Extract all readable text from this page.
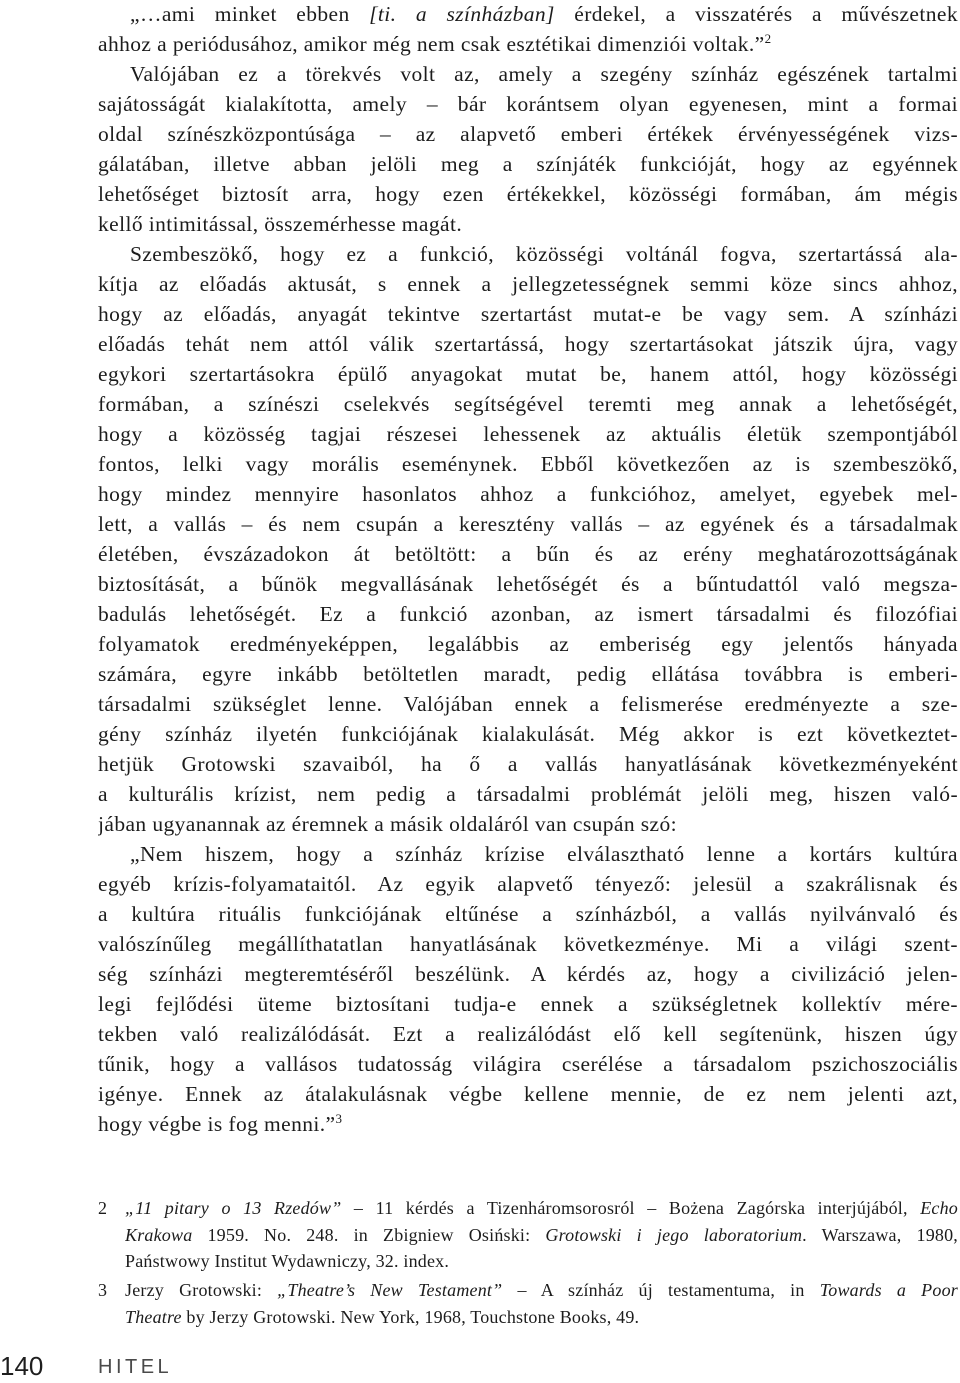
„…ami minket ebben [ti. a színházban] érdekel, a visszatérés a művészetnek
ahhoz a periódusához, amikor még nem csak esztétikai dimenziói voltak.”$^2$
Valójában ez a törekvés volt az, amely a szegény színház egészének tartalmi
sajátosságát kialakította, amely – bár korántsem olyan egyenesen, mint a formai
oldal színészközpontúsága – az alapvető emberi értékek érvényességének vizs-
gálatában, illetve abban jelöli meg a színjáték funkcióját, hogy az egyénnek
lehetőséget biztosít arra, hogy ezen értékekkel, közösségi formában, ám mégis
kellő intimitással, összemérhesse magát.
Szembeszökő, hogy ez a funkció, közösségi voltánál fogva, szertartássá ala-
kítja az előadás aktusát, s ennek a jellegzetességnek semmi köze sincs ahhoz,
hogy az előadás, anyagát tekintve szertartást mutat-e be vagy sem. A színházi
előadás tehát nem attól válik szertartássá, hogy szertartásokat játszik újra, vagy
egykori szertartásokra épülő anyagokat mutat be, hanem attól, hogy közösségi
formában, a színészi cselekvés segítségével teremti meg annak a lehetőségét,
hogy a közösség tagjai részesei lehessenek az aktuális életük szempontjából
fontos, lelki vagy morális eseménynek. Ebből következően az is szembeszökő,
hogy mindez mennyire hasonlatos ahhoz a funkcióhoz, amelyet, egyebek mel-
lett, a vallás – és nem csupán a keresztény vallás – az egyének és a társadalmak
életében, évszázadokon át betöltött: a bűn és az erény meghatározottságának
biztosítását, a bűnök megvallásának lehetőségét és a bűntudattól való megsza-
badulás lehetőségét. Ez a funkció azonban, az ismert társadalmi és filozófiai
folyamatok eredményeképpen, legalábbis az emberiség egy jelentős hányada
számára, egyre inkább betöltetlen maradt, pedig ellátása továbbra is emberi-
társadalmi szükséglet lenne. Valójában ennek a felismerése eredményezte a sze-
gény színház ilyetén funkciójának kialakulását. Még akkor is ezt következtet-
hetjük Grotowski szavaiból, ha ő a vallás hanyatlásának következményeként
a kulturális krízist, nem pedig a társadalmi problémát jelöli meg, hiszen való-
jában ugyanannak az éremnek a másik oldaláról van csupán szó:
„Nem hiszem, hogy a színház krízise elválasztható lenne a kortárs kultúra
egyéb krízis-folyamataitól. Az egyik alapvető tényező: jelesül a szakrálisnak és
a kultúra rituális funkciójának eltűnése a színházból, a vallás nyilvánvaló és
valószínűleg megállíthatatlan hanyatlásának következménye. Mi a világi szent-
ség színházi megteremtéséről beszélünk. A kérdés az, hogy a civilizáció jelen-
legi fejlődési üteme biztosítani tudja-e ennek a szükségletnek kollektív mére-
tekben való realizálódását. Ezt a realizálódást elő kell segítenünk, hiszen úgy
tűnik, hogy a vallásos tudatosság világira cserélése a társadalom pszichoszociális
igénye. Ennek az átalakulásnak végbe kellene mennie, de ez nem jelenti azt,
hogy végbe is fog menni.”$^3$
2 „11 pitary o 13 Rzedów” – 11 kérdés a Tizenháromsorosról – Bożena Zagórska interjújából, Echo
Krakowa 1959. No. 248. in Zbigniew Osiński: Grotowski i jego laboratorium. Warszawa, 1980,
Państwowy Institut Wydawniczy, 32. index.
3 Jerzy Grotowski: „Theatre’s New Testament” – A színház új testamentuma, in Towards a Poor
Theatre by Jerzy Grotowski. New York, 1968, Touchstone Books, 49.
140	HITEL
